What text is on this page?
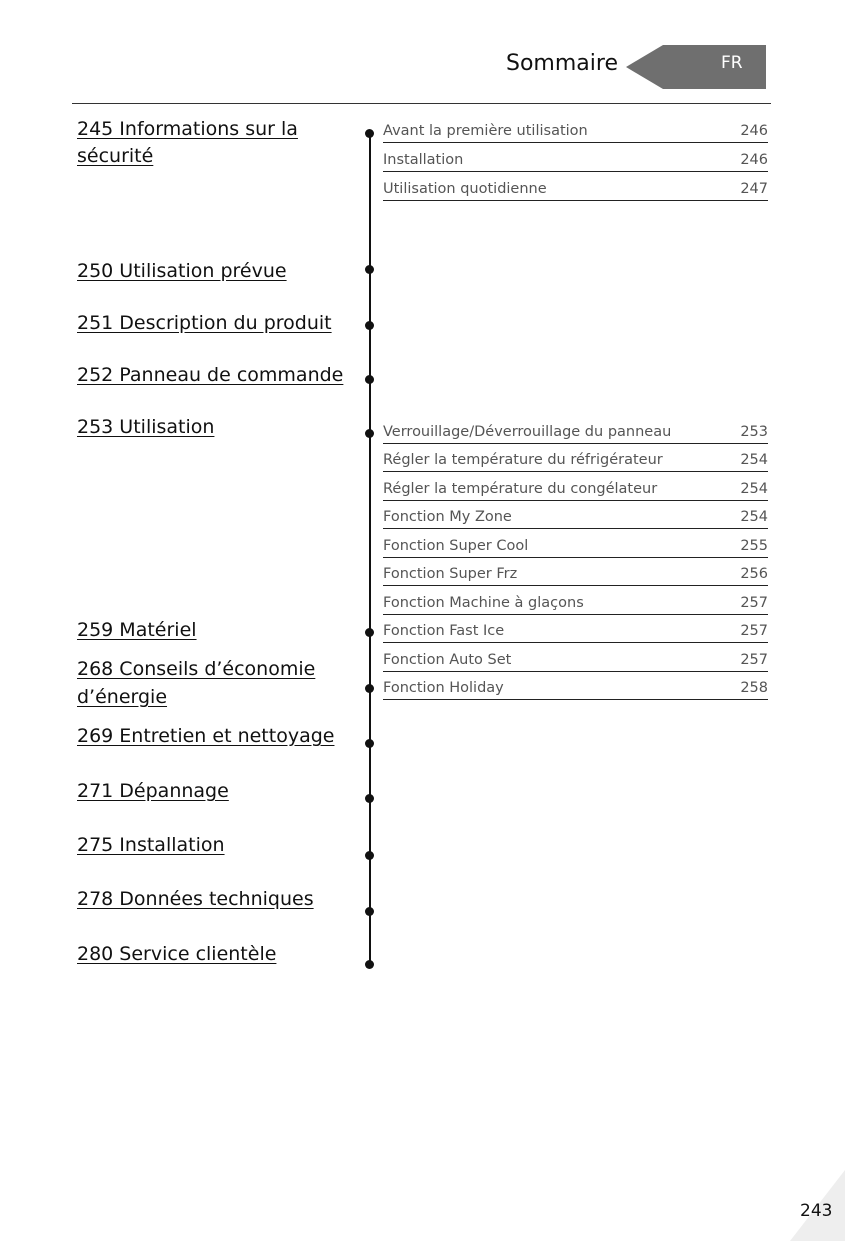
Sommaire	FR
245 Informations sur la
sécurité
250 Utilisation prévue
251 Description du produit
252 Panneau de commande
253 Utilisation
259 Matériel
268 Conseils d’économie
d’énergie
269 Entretien et nettoyage
271 Dépannage
275 Installation
278 Données techniques
280 Service clientèle
Avant la première utilisation	246
Installation	246
Utilisation quotidienne	247
Verrouillage/Déverrouillage du panneau	253
Régler la température du réfrigérateur	254
Régler la température du congélateur	254
Fonction My Zone	254
Fonction Super Cool	255
Fonction Super Frz	256
Fonction Machine à glaçons	257
Fonction Fast Ice	257
Fonction Auto Set	257
Fonction Holiday	258
243
